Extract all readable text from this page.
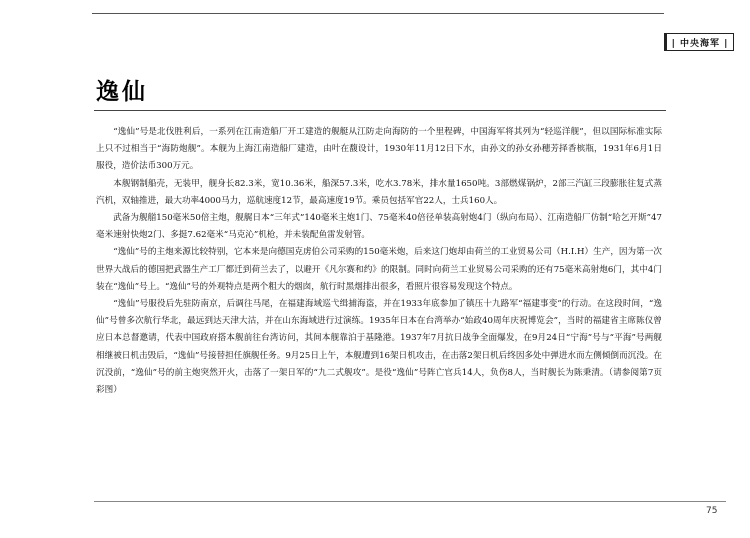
| 中央海军 |
逸仙

“逸仙”号是北伐胜利后，一系列在江南造船厂开工建造的舰艇从江防走向海防的一个里程碑，中国海军将其列为“轻巡洋舰”，但以国际标准实际上只不过相当于“海防炮舰”。本舰为上海江南造船厂建造，由叶在馥设计，1930年11月12日下水，由孙文的孙女孙穗芳择香槟瓶，1931年6月1日服役，造价法币300万元。

本舰钢制船壳，无装甲，舰身长82.3米，宽10.36米，船深57.3米，吃水3.78米，排水量1650吨。3部燃煤锅炉，2部三汽缸三段膨胀往复式蒸汽机，双轴推进，最大功率4000马力，巡航速度12节，最高速度19节。乘员包括军官22人，士兵160人。

武备为舰艏150毫米50倍主炮，舰艉日本“三年式”140毫米主炮1门、75毫米40倍径单装高射炮4门（纵向布局）、江南造船厂仿制“哈乞开斯”47毫米速射快炮2门、多挺7.62毫米“马克沁”机枪，并未装配鱼雷发射管。

“逸仙”号的主炮来源比较特别，它本来是向德国克虏伯公司采购的150毫米炮，后来这门炮却由荷兰的工业贸易公司（H.I.H）生产，因为第一次世界大战后的德国把武器生产工厂都迁到荷兰去了，以避开《凡尔赛和约》的限制。同时向荷兰工业贸易公司采购的还有75毫米高射炮6门，其中4门装在“逸仙”号上。“逸仙”号的外观特点是两个粗大的烟囱，航行时黑烟排出很多，看照片很容易发现这个特点。

“逸仙”号服役后先驻防南京，后调往马尾，在福建海域巡弋缉捕海盗，并在1933年底参加了镇压十九路军“福建事变”的行动。在这段时间，“逸仙”号曾多次航行华北，最远到达天津大沽，并在山东海域进行过演练。1935年日本在台湾举办“始政40周年庆祝博览会”，当时的福建省主席陈仪曾应日本总督邀请，代表中国政府搭本舰前往台湾访问，其间本舰靠泊于基隆港。1937年7月抗日战争全面爆发，在9月24日“宁海”号与“平海”号两舰相继被日机击毁后，“逸仙”号接替担任旗舰任务。9月25日上午，本舰遭到16架日机攻击，在击落2架日机后终因多处中弹进水而左侧倾倒而沉没。在沉没前，“逸仙”号的前主炮突然开火，击落了一架日军的“九二式舰攻”。是役“逸仙”号阵亡官兵14人，负伤8人，当时舰长为陈秉清。（请参阅第7页彩图）

75
